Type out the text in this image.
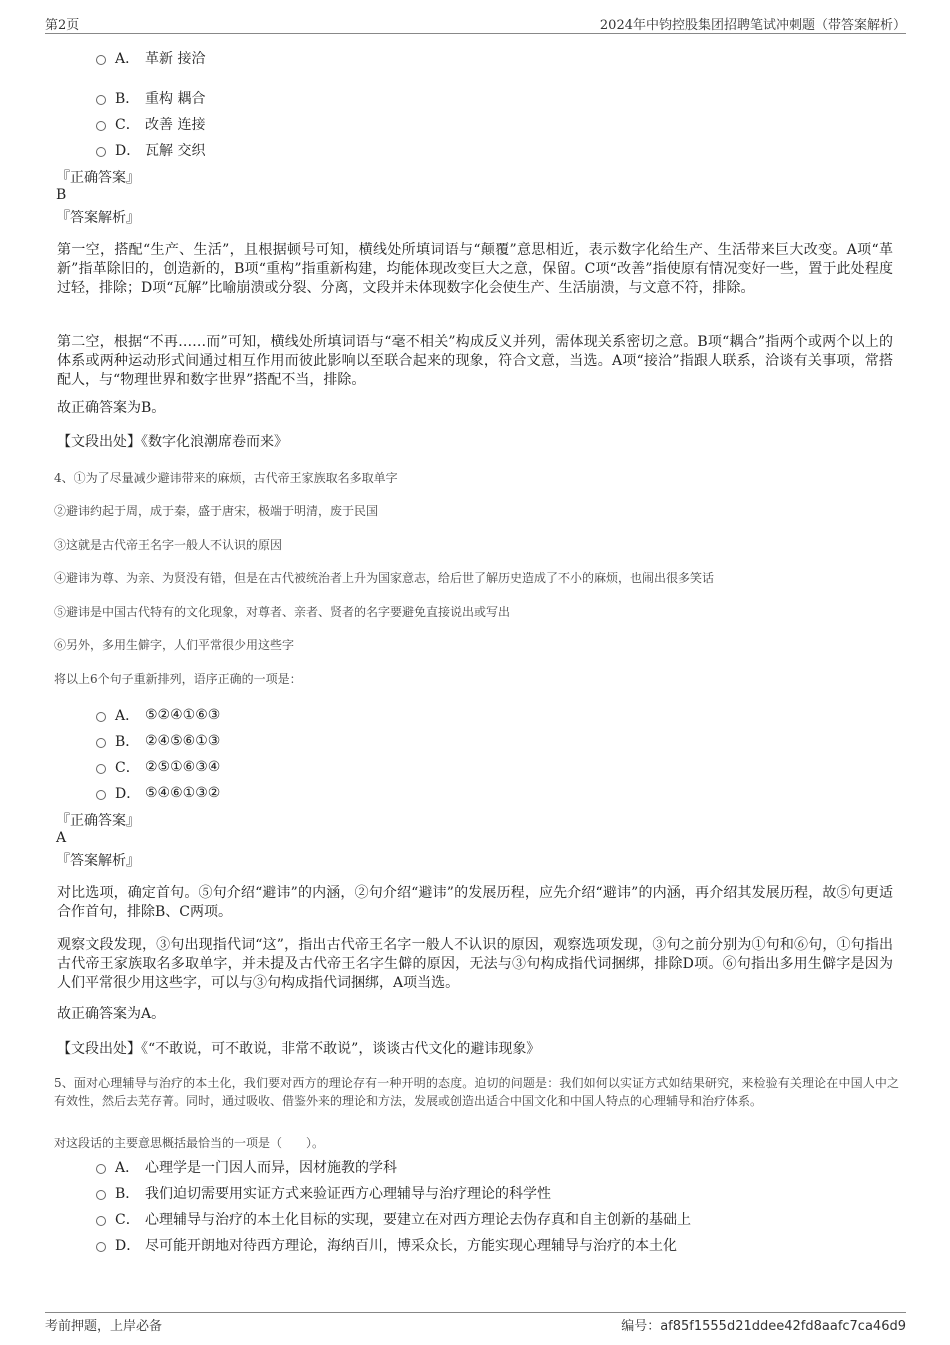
第2页	2024年中钧控股集团招聘笔试冲刺题（带答案解析）
A． 革新 接洽
B． 重构 耦合
C． 改善 连接
D． 瓦解 交织
『正确答案』
B
『答案解析』
第一空，搭配“生产、生活”，且根据顿号可知，横线处所填词语与“颠覆”意思相近，表示数字化给生产、生活带来巨大改变。A项“革新”指革除旧的，创造新的，B项“重构”指重新构建，均能体现改变巨大之意，保留。C项“改善”指使原有情况变好一些，置于此处程度过轻，排除；D项“瓦解”比喻崩溃或分裂、分离，文段并未体现数字化会使生产、生活崩溃，与文意不符，排除。
第二空，根据“不再……而”可知，横线处所填词语与“毫不相关”构成反义并列，需体现关系密切之意。B项“耦合”指两个或两个以上的体系或两种运动形式间通过相互作用而彼此影响以至联合起来的现象，符合文意，当选。A项“接洽”指跟人联系，洽谈有关事项，常搭配人，与“物理世界和数字世界”搭配不当，排除。
故正确答案为B。
【文段出处】《数字化浪潮席卷而来》
4、①为了尽量减少避讳带来的麻烦，古代帝王家族取名多取单字
②避讳约起于周，成于秦，盛于唐宋，极端于明清，废于民国
③这就是古代帝王名字一般人不认识的原因
④避讳为尊、为亲、为贤没有错，但是在古代被统治者上升为国家意志，给后世了解历史造成了不小的麻烦，也闹出很多笑话
⑤避讳是中国古代特有的文化现象，对尊者、亲者、贤者的名字要避免直接说出或写出
⑥另外，多用生僻字，人们平常很少用这些字
将以上6个句子重新排列，语序正确的一项是：
A． ⑤②④①⑥③
B． ②④⑤⑥①③
C． ②⑤①⑥③④
D． ⑤④⑥①③②
『正确答案』
A
『答案解析』
对比选项，确定首句。⑤句介绍“避讳”的内涵，②句介绍“避讳”的发展历程，应先介绍“避讳”的内涵，再介绍其发展历程，故⑤句更适合作首句，排除B、C两项。
观察文段发现，③句出现指代词“这”，指出古代帝王名字一般人不认识的原因，观察选项发现，③句之前分别为①句和⑥句，①句指出古代帝王家族取名多取单字，并未提及古代帝王名字生僻的原因，无法与③句构成指代词捆绑，排除D项。⑥句指出多用生僻字是因为人们平常很少用这些字，可以与③句构成指代词捆绑，A项当选。
故正确答案为A。
【文段出处】《“不敢说，可不敢说，非常不敢说”，谈谈古代文化的避讳现象》
5、面对心理辅导与治疗的本土化，我们要对西方的理论存有一种开明的态度。迫切的问题是：我们如何以实证方式如结果研究，来检验有关理论在中国人中之有效性，然后去芜存菁。同时，通过吸收、借鉴外来的理论和方法，发展或创造出适合中国文化和中国人特点的心理辅导和治疗体系。
对这段话的主要意思概括最恰当的一项是（　　）。
A． 心理学是一门因人而异，因材施教的学科
B． 我们迫切需要用实证方式来验证西方心理辅导与治疗理论的科学性
C． 心理辅导与治疗的本土化目标的实现，要建立在对西方理论去伪存真和自主创新的基础上
D． 尽可能开朗地对待西方理论，海纳百川，博采众长，方能实现心理辅导与治疗的本土化
考前押题，上岸必备	编号：af85f1555d21ddee42fd8aafc7ca46d9
